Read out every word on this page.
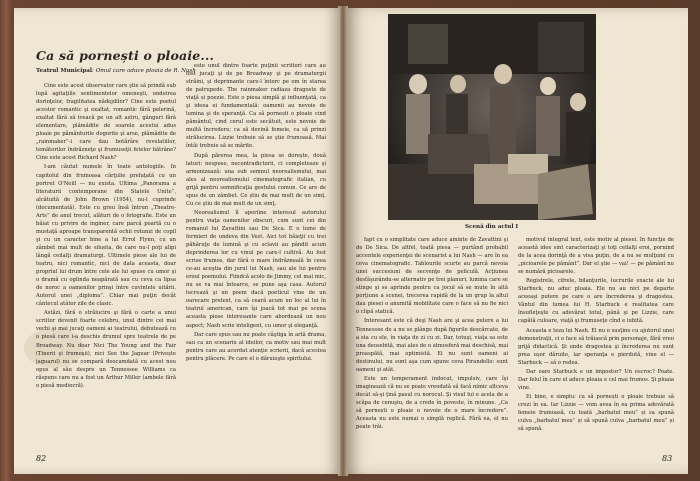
Ca să pornești o ploaie...
Teatrul Municipal: Omul care aduce ploaia de R. Nash

Cine este acest observator care ştie să prindă sub lupă agitaţiile sentimentelor omeneşti, undeirea dorinţelor, fragilitatea nădejdilor? Cine este poetul acestor romantic şi exaltat, romantic fără pelerină, exaltat fără să treacă pe un alt astru, gânguri fără elementare, plămădite de soarele acestui adus ploaie pe pământurile dogorite şi arse, plămădite de „rainmaker”-i care dau botărâre revelatiilor, temătorilor îndrăzneţe şi frumuseţii fetelor bătrâne? Cine este acest Richard Nash?

I-am căutat numele în toate antologiile. In capitolul din frumoasa cărţulie prefaţată cu un portret O'Neill — nu exista. Ultima „Panorama a literaturii contemporane din Statele Unite”, alcătuită de John Brown (1954), nu-l cuprinde (documentată). Este cu greu însă întrun „Theatre-Arts” de anul trecut, alături de o fotografie. Este un băiat cu privire de inginer, care parcă poartă cu o mustaţă aproape transparentă ochii rotunzi de copil şi cu un caracter bine a lui Errol Flynn, cu un zâmbet mai mult de silueta, de care nu-l poţi alipi lângă ceilalţi dramaturgi. Ultimele piese ale lui de teatru, nici romantic, nici de data aceasta, doar propriul lui drum între cele ale lui spuse cu umor şi o dramă cu oglinda neapărată sau cu ceva ca lipsa de noroc a oamenilor prinşi între cuvintele uitării. Autorul unei „diploma”. Chiar mai puţin decât cântecul atâtor zile de clasic.

Astăzi, fără o strălucire şi fără o carte a unui scriitor devenit foarte celebru, unul dintre cei mai vechi şi mai jucaţi oameni ai teatrului, debutează cu o piesă care i-a deschis drumul spre teatrele de pe Broadway. Nu doar Nici The Young and the Fair (Tinerii şi frumoşii), nici See the Jaguar (Priveşte jaguarul) nu se compară deocamdată cu acest nou opus al său despre un Tennessee Williams ca răspuns care nu a fost un Arthur Miller (ambele fără o piesă mediocră).

este unul dintre foarte puţinii scriitori care au fost jucaţi şi de pe Broadway şi pe dramaturgii străini, și deprimante care-l întorc pe om în starea de patrupede. The rainmaker radiaza dragoste de viaţă și poezie. Este o piesa simplă şi influenţată, ca şi ideea ei fundamentală: oamenii au nevoie de lumina şi de speranţă. Ca să pornești o ploaie cind pământul, cind cerul este secătuit, este nevoie de multă încredere; ca să devină femeie, ca să prinzi strălucirea. Lizzie trebuie să se ştie frumoasă. Mai întâi trebuie să se mărite.

După părerea mea, la piesa se dorește, două laturi: nespuse, necontradictorii, ci completeaze şi armonizează: una sub semnul neorealismului, mai ales al neorealismului cinematografic italian, cu grijă pentru semnificaţia gestului comun. Ce are de spus de un zâmbet. Ce știu de mai mult de un simţ. Cu ce ştiu de mai mult de un simţ.

Neorealismul îl aperiine interesul autorului pentru viaţa oamenilor obscuri, cum sunt cei din romanul lui Zavattini sau De Sica. E o lume de fermieri de undeva din Vest. Aici tot băieţii cu trei păhăruţe de lumină şi cu sclavii au pândit acum deprinderea lor cu vinul pe care-l cultivă. Au fost scrise frumos, dar fără o mare îndrăzneală în ceea ce-au aceştia din jurul lui Nash, sau ale lui pentru eroul poemului. Fiindcă acolo de Jimmy, cel mai mic, nu se va mai întoarce, se pune aşa casa. Autorul lucrează şi un poem dacă poeticul vine de un oarecare pretext, ca să ceară acum un loc al lui în teatrul american, care îşi joacă tot mai pe scena aceasta piese interesante care abordează un nou aspect; Nash scrie inteligent, cu umor şi eleganţă.

Dar care spus sau nu poate câştiga în artă drama, sau ca un scenariu al ideilor, ca motiv sau mai mult pentru care au acordat atenţie scrierii, dacă acestea pentru plăcere. Pe care el o dăruieşte spiritului.

82
Scenă din actul I

fapt cu o simplitate care aduce aminte de Zavattini şi de De Sica. De altfel, toată piesa — purtând probabil accentele experienţei de scenarist a lui Nash — are în ea ceva cinematografic. Tablourile scurte au parcă nevoia unei succesiuni de secvenţe de peliculă. Acţiunea desfăşurându-se alternativ pe trei planuri, lumina care se stinge şi se aprinde pentru ca jocul să se mute în altă porţiune a scenei, trecerea rapidă de la un grup la altul dau piesei o anumită mobilitate care o face să nu fie nici o clipă statică.

Interesant este că deşi Nash are şi acea putere a lui Tennessee de a nu se plânge după figurile descărcate, de a sta cu ele, în viaţa de zi cu zi. Dar, totuşi, viaţa sa este una deosebită, mai ales de o atmosferă mai deschisă, mai proaspătă, mai optimistă. Ei nu sunt oameni ai destinului, nu sunt aşa cum spune ceva Pirandello: sunt oameni şi atât.

Este un temperament indocat, impulsiv, care îşi imaginează că nu se poate vreodată să facă nimic altceva decât să-şi ţină pasul cu norocul. Şi visul lui e acela de a scăpa de cenuşiu, de a crede în poveste, în minune. „Ca să pornești o ploaie o nevoie de o mare încredere”. Aceasta nu este numai o simplă replică. Fără ea, el nu poate trăi.

motivul integral text, este motiv al piesei. In funcţie de această idee sint caracterizaţi şi toţi ceilalţi eroi, pornind de la acea dorinţă de a visa puţin, de a nu se mulţumi cu „picioarele pe pământ”. Dar el ştie — vai! — pe pământ nu se numără picioarele.

Registrele, cifrele, bilanţurile, lucrurile exacte ale lui Starbuck, nu aduc ploaia. Ele nu au nici pe departe aceeaşi putere pe care o are încrederea şi dragostea. Vântul din lumea lui H. Starbuck e realitatea care însufleţeşte cu adevărat totul, până şi pe Lizzie, care capătă culoare, viaţă şi frumuseţe cînd e iubită.

Aceasta e teza lui Nash. El nu o susţine cu ajutorul unei demonstraţii, ci o face să trăiască prin personaje, fără vreo grijă didactică. Şi unde dragostea şi încrederea nu sunt prea ușor dăruite, iar speranţa e pierdută, vine el — Starbuck — să o redea.

Dar oare Starbuck e un impostor? Un escroc? Poate. Dar felul în care el aduce ploaia e cel mai frumos. Şi ploaia vine.

Ei bine, e simplu: ca să pornești o ploaie trebuie să crezi în ea. Iar Lizzie — vom avea în ea prima adevărată femeie frumoasă, cu toată „barbatul meu” și sa spună culva „barbatul meu” și să spună culva „barbatul meu” și să spună.

83
